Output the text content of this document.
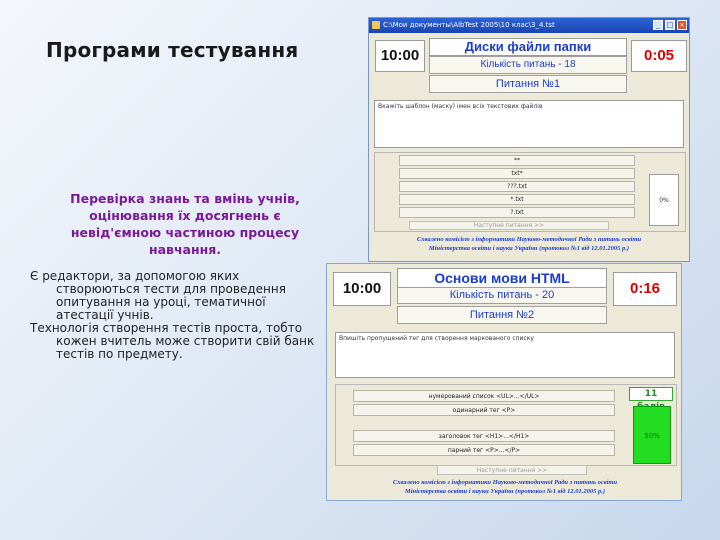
Програми тестування
Перевірка знань та вмінь учнів, оцінювання їх досягнень є невід'ємною частиною процесу навчання.

Є редактори, за допомогою яких створюються тести для проведення опитування на уроці, тематичної атестації учнів.

Технологія створення тестів проста, тобто кожен вчитель може створити свій банк тестів по предмету.

C:\Мои документы\AlbTest 2005\10 клас\3_4.tst	_ □ ×
10:00
Диски файли папки
Кількість питань - 18
Питання №1
0:05
Вкажіть шаблон (маску) імен всіх текстових файлів
**
txt*
???.txt
*.txt
?.txt
0%
Наступне питання >>
Схвалено комісією з інформатики Науково-методичної Ради з питань освіти
Міністерства освіти і науки України (протокол №1 від 12.01.2005 р.)
10:00
Основи мови HTML
Кількість питань - 20
Питання №2
0:16
Впишіть пропущений тег для створення маркованого списку
нумерований список <UL>...</UL>
одинарний тег <P>
заголовок тег <H1>...</H1>
парний тег <P>...</P>
11
50%
Наступне питання >>
Схвалено комісією з інформатики Науково-методичної Ради з питань освіти
Міністерства освіти і науки України (протокол №1 від 12.01.2005 р.)
